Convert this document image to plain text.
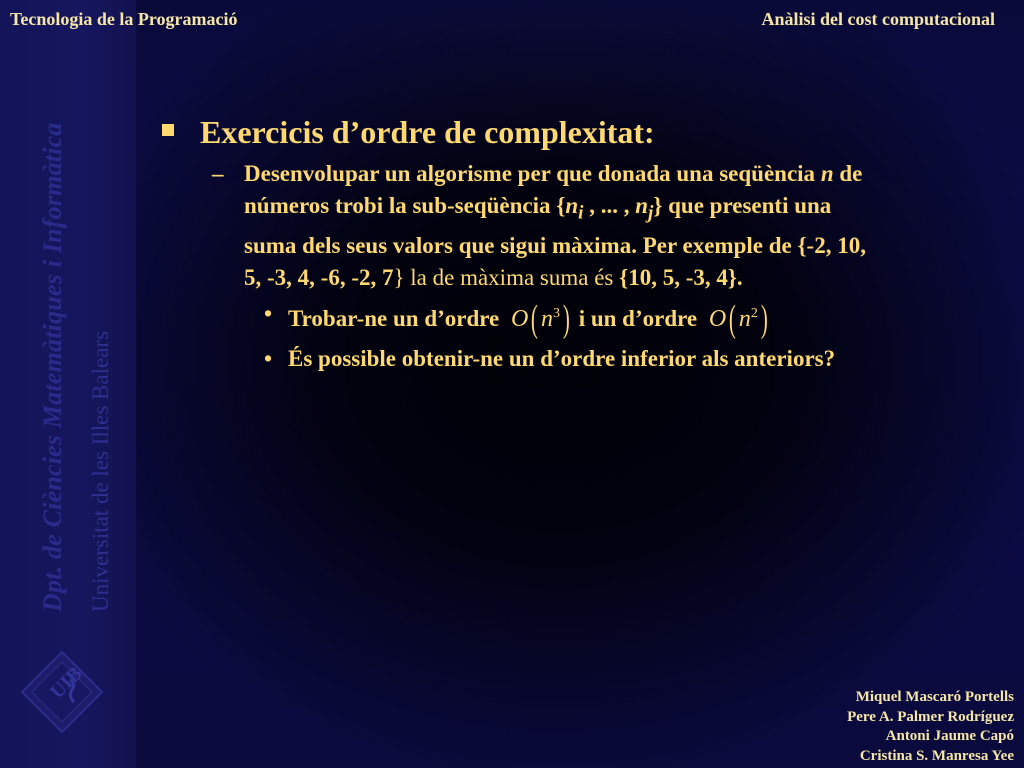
Dpt. de Ciències Matemàtiques i Informàtica Universitat de les Illes Balears
UIB
Tecnologia de la Programació	Anàlisi del cost computacional
Exercicis d’ordre de complexitat:
– Desenvolupar un algorisme per que donada una seqüència n de números trobi la sub-seqüència {$n_i$ , ... , $n_j$} que presenti una suma dels seus valors que sigui màxima. Per exemple de {-2, 10, 5, -3, 4, -6, -2, 7} la de màxima suma és {10, 5, -3, 4}.
• Trobar-ne un d’ordre O( $n^3$) i un d’ordre O( $n^2$)
• És possible obtenir-ne un d’ordre inferior als anteriors?
Miquel Mascaró Portells
Pere A. Palmer Rodríguez
Antoni Jaume Capó
Cristina S. Manresa Yee
